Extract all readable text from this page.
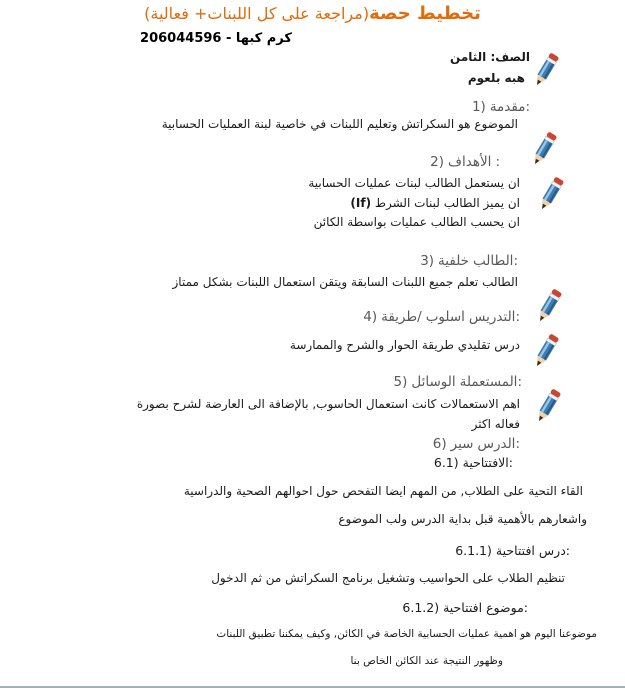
تخطيط حصة(مراجعة على كل اللبنات+ فعالية)
كرم كبها - 206044596
الصف: الثامن
هبه بلعوم
1) مقدمة:
الموضوع هو السكراتش وتعليم اللبنات في خاصية لبنة العمليات الحسابية
2) الأهداف :
ان يستعمل الطالب لبنات عمليات الحسابية
ان يميز الطالب لبنات الشرط (If)
ان يحسب الطالب عمليات بواسطة الكائن
3) خلفية الطالب:
الطالب تعلم جميع اللبنات السابقة ويتقن استعمال اللبنات بشكل ممتاز
4) طريقة/ اسلوب التدريس:
درس تقليدي طريقة الحوار والشرح والممارسة
5) الوسائل المستعملة:
اهم الاستعمالات كانت استعمال الحاسوب, بالإضافة الى العارضة لشرح بصورة
فعاله اكثر
6) سير الدرس:
6.1) الافتتاحية:
القاء التحية على الطلاب, من المهم ايضا التفحص حول احوالهم الصحية والدراسية
واشعارهم بالأهمية قبل بداية الدرس ولب الموضوع
6.1.1) افتتاحية درس:
تنظيم الطلاب على الحواسيب وتشغيل برنامج السكراتش من ثم الدخول
6.1.2) افتتاحية موضوع:
موضوعنا اليوم هو اهمية عمليات الحسابية الخاصة في الكائن, وكيف يمكننا تطبيق اللبنات
وظهور النتيجة عند الكائن الخاص بنا
